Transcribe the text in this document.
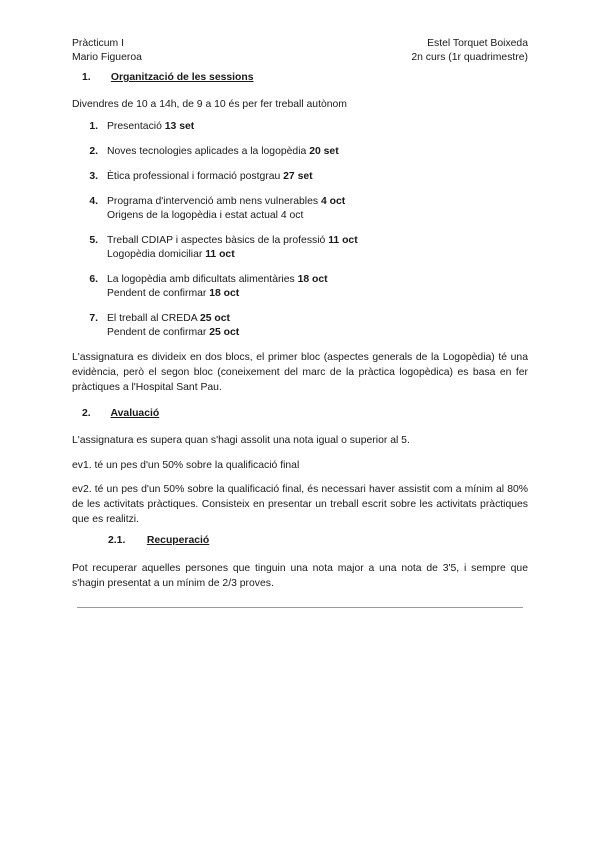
Pràcticum I	Estel Torquet Boixeda
Mario Figueroa	2n curs (1r quadrimestre)
1. Organització de les sessions
Divendres de 10 a 14h, de 9 a 10 és per fer treball autònom
1. Presentació 13 set
2. Noves tecnologies aplicades a la logopèdia 20 set
3. Ètica professional i formació postgrau 27 set
4. Programa d'intervenció amb nens vulnerables 4 oct
Origens de la logopèdia i estat actual 4 oct
5. Treball CDIAP i aspectes bàsics de la professió 11 oct
Logopèdia domiciliar 11 oct
6. La logopèdia amb dificultats alimentàries 18 oct
Pendent de confirmar 18 oct
7. El treball al CREDA 25 oct
Pendent de confirmar 25 oct
L'assignatura es divideix en dos blocs, el primer bloc (aspectes generals de la Logopèdia) té una evidència, però el segon bloc (coneixement del marc de la pràctica logopèdica) es basa en fer pràctiques a l'Hospital Sant Pau.
2. Avaluació
L'assignatura es supera quan s'hagi assolit una nota igual o superior al 5.
ev1. té un pes d'un 50% sobre la qualificació final
ev2. té un pes d'un 50% sobre la qualificació final, és necessari haver assistit com a mínim al 80% de les activitats pràctiques. Consisteix en presentar un treball escrit sobre les activitats pràctiques que es realitzi.
2.1. Recuperació
Pot recuperar aquelles persones que tinguin una nota major a una nota de 3'5, i sempre que s'hagin presentat a un mínim de 2/3 proves.
